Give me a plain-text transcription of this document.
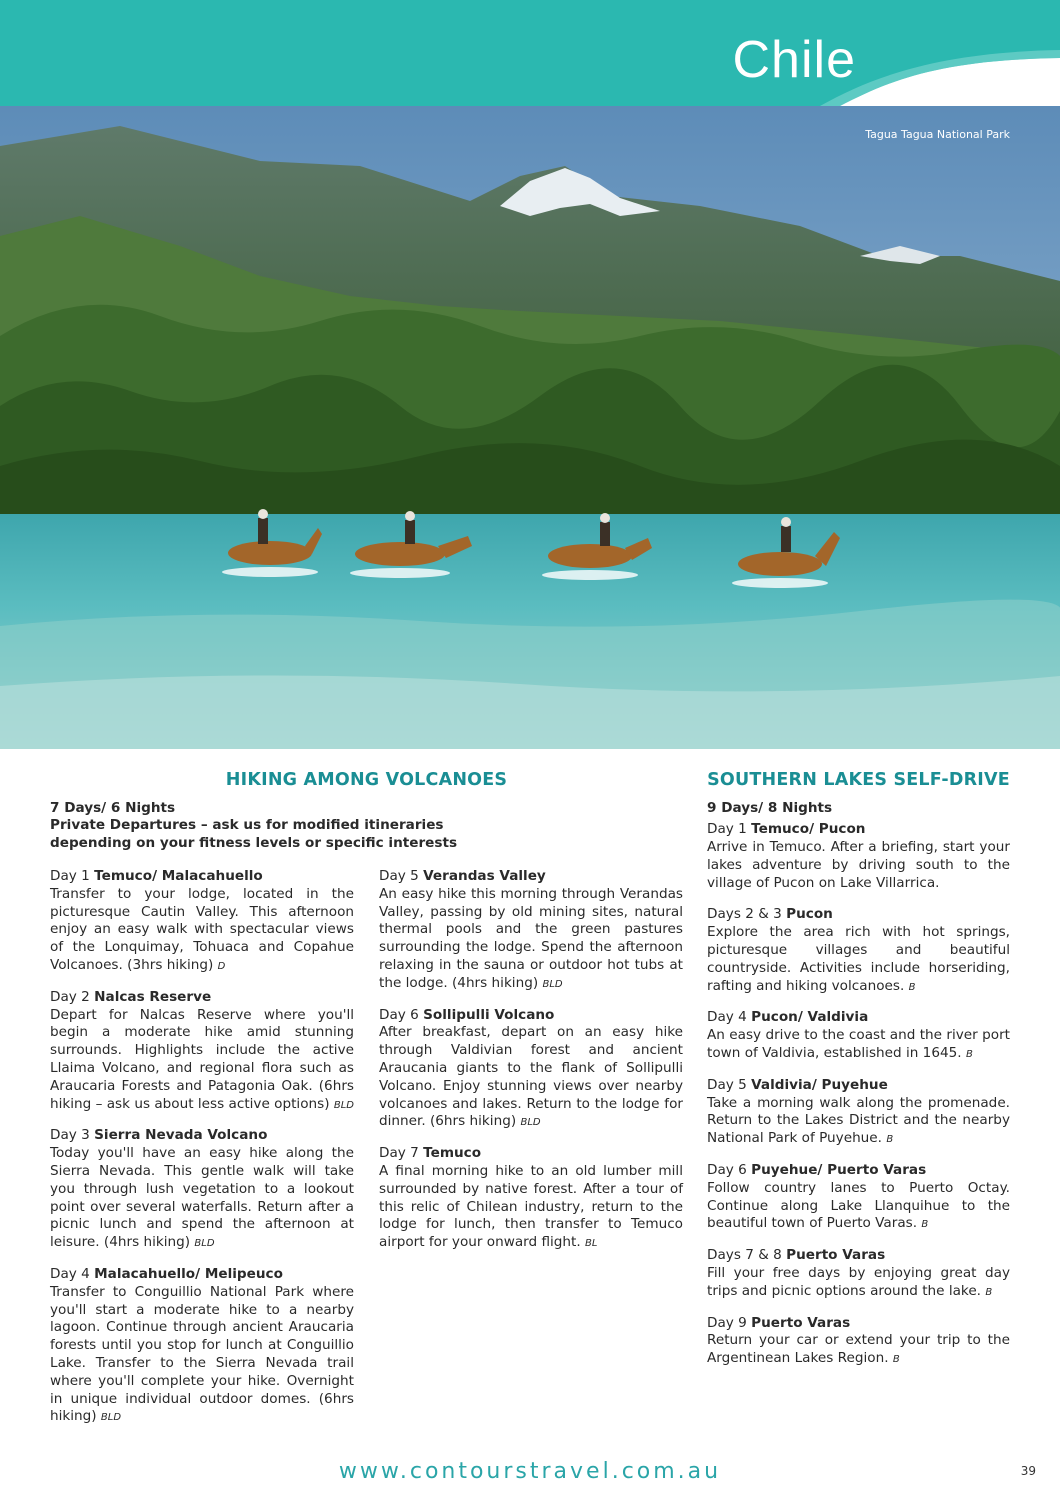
Chile
Tagua Tagua National Park
HIKING AMONG VOLCANOES

7 Days/ 6 Nights

Private Departures – ask us for modified itineraries

depending on your fitness levels or specific interests

Day 1 Temuco/ Malacahuello

Transfer to your lodge, located in the picturesque Cautin Valley. This afternoon enjoy an easy walk with spectacular views of the Lonquimay, Tohuaca and Copahue Volcanoes. (3hrs hiking) D

Day 2 Nalcas Reserve

Depart for Nalcas Reserve where you'll begin a moderate hike amid stunning surrounds. Highlights include the active Llaima Volcano, and regional flora such as Araucaria Forests and Patagonia Oak. (6hrs hiking – ask us about less active options) BLD

Day 3 Sierra Nevada Volcano

Today you'll have an easy hike along the Sierra Nevada. This gentle walk will take you through lush vegetation to a lookout point over several waterfalls. Return after a picnic lunch and spend the afternoon at leisure. (4hrs hiking) BLD

Day 4 Malacahuello/ Melipeuco

Transfer to Conguillio National Park where you'll start a moderate hike to a nearby lagoon. Continue through ancient Araucaria forests until you stop for lunch at Conguillio Lake. Transfer to the Sierra Nevada trail where you'll complete your hike. Overnight in unique individual outdoor domes. (6hrs hiking) BLD

Day 5 Verandas Valley

An easy hike this morning through Verandas Valley, passing by old mining sites, natural thermal pools and the green pastures surrounding the lodge. Spend the afternoon relaxing in the sauna or outdoor hot tubs at the lodge. (4hrs hiking) BLD

Day 6 Sollipulli Volcano

After breakfast, depart on an easy hike through Valdivian forest and ancient Araucania giants to the flank of Sollipulli Volcano. Enjoy stunning views over nearby volcanoes and lakes. Return to the lodge for dinner. (6hrs hiking) BLD

Day 7 Temuco

A final morning hike to an old lumber mill surrounded by native forest. After a tour of this relic of Chilean industry, return to the lodge for lunch, then transfer to Temuco airport for your onward flight. BL

SOUTHERN LAKES SELF-DRIVE

9 Days/ 8 Nights

Day 1 Temuco/ Pucon

Arrive in Temuco. After a briefing, start your lakes adventure by driving south to the village of Pucon on Lake Villarrica.

Days 2 & 3 Pucon

Explore the area rich with hot springs, picturesque villages and beautiful countryside. Activities include horseriding, rafting and hiking volcanoes. B

Day 4 Pucon/ Valdivia

An easy drive to the coast and the river port town of Valdivia, established in 1645. B

Day 5 Valdivia/ Puyehue

Take a morning walk along the promenade. Return to the Lakes District and the nearby National Park of Puyehue. B

Day 6 Puyehue/ Puerto Varas

Follow country lanes to Puerto Octay. Continue along Lake Llanquihue to the beautiful town of Puerto Varas. B

Days 7 & 8 Puerto Varas

Fill your free days by enjoying great day trips and picnic options around the lake. B

Day 9 Puerto Varas

Return your car or extend your trip to the Argentinean Lakes Region. B

www.contourstravel.com.au	39
